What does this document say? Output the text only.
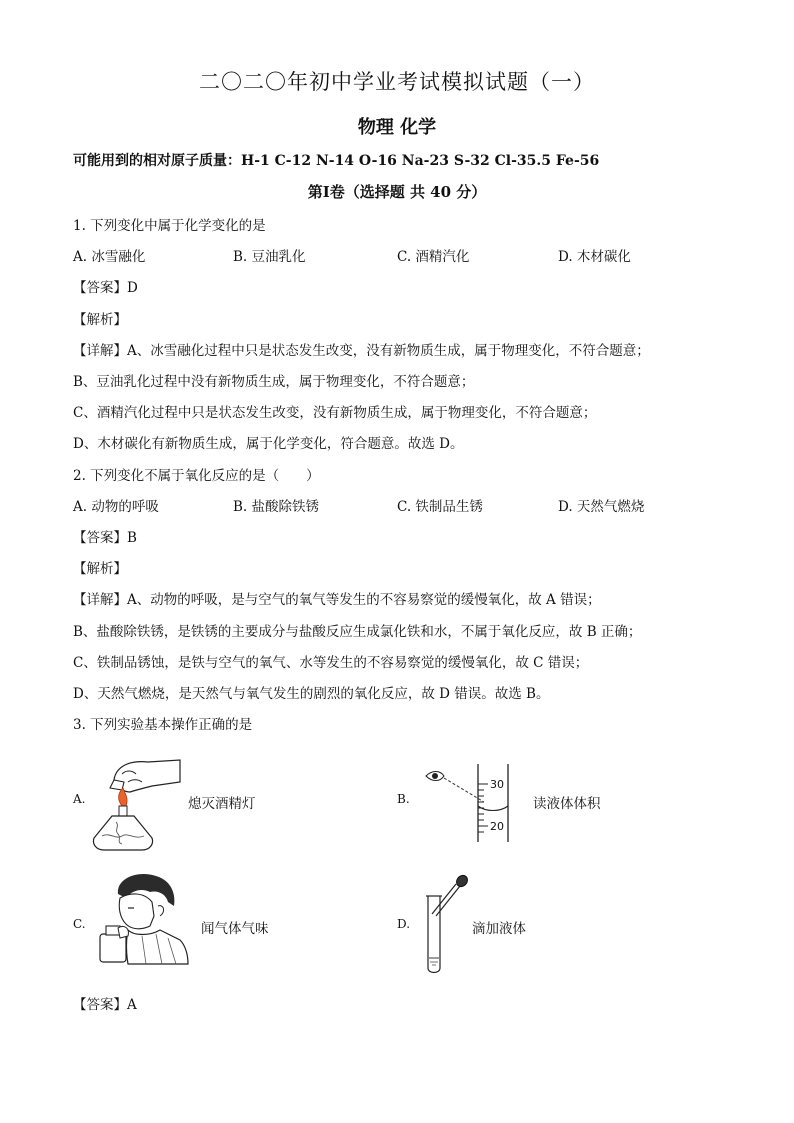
二〇二〇年初中学业考试模拟试题（一）
物理 化学
可能用到的相对原子质量：H-1 C-12 N-14 O-16 Na-23 S-32 Cl-35.5 Fe-56
第Ⅰ卷（选择题 共 40 分）
1. 下列变化中属于化学变化的是
A. 冰雪融化	B. 豆油乳化	C. 酒精汽化	D. 木材碳化
【答案】D
【解析】
【详解】A、冰雪融化过程中只是状态发生改变，没有新物质生成，属于物理变化，不符合题意；
B、豆油乳化过程中没有新物质生成，属于物理变化，不符合题意；
C、酒精汽化过程中只是状态发生改变，没有新物质生成，属于物理变化，不符合题意；
D、木材碳化有新物质生成，属于化学变化，符合题意。故选 D。
2. 下列变化不属于氧化反应的是（　　）
A. 动物的呼吸	B. 盐酸除铁锈	C. 铁制品生锈	D. 天然气燃烧
【答案】B
【解析】
【详解】A、动物的呼吸，是与空气的氧气等发生的不容易察觉的缓慢氧化，故 A 错误；
B、盐酸除铁锈，是铁锈的主要成分与盐酸反应生成氯化铁和水，不属于氧化反应，故 B 正确；
C、铁制品锈蚀，是铁与空气的氧气、水等发生的不容易察觉的缓慢氧化，故 C 错误；
D、天然气燃烧，是天然气与氧气发生的剧烈的氧化反应，故 D 错误。故选 B。
3. 下列实验基本操作正确的是
A.	熄灭酒精灯	B.
30
20
读液体体积
C.	闻气体气味	D.	滴加液体
【答案】A
